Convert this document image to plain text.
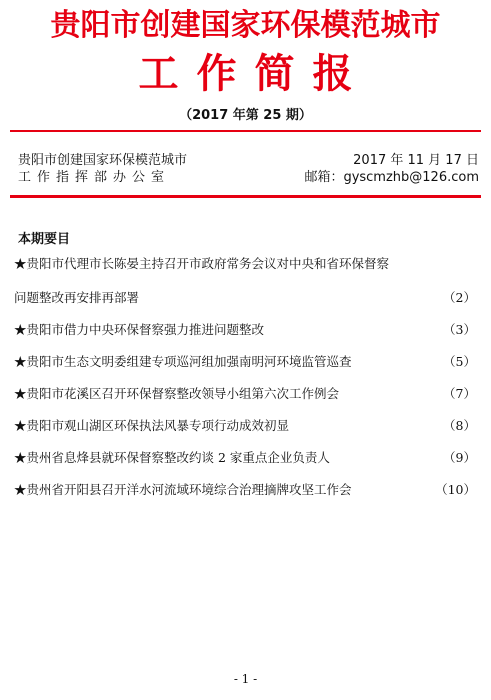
贵阳市创建国家环保模范城市
工作简报
（2017 年第 25 期）
贵阳市创建国家环保模范城市
工作指挥部办公室
2017 年 11 月 17 日
邮箱：gyscmzhb@126.com
本期要目
★贵阳市代理市长陈晏主持召开市政府常务会议对中央和省环保督察
问题整改再安排再部署	（2）
★贵阳市借力中央环保督察强力推进问题整改	（3）
★贵阳市生态文明委组建专项巡河组加强南明河环境监管巡查	（5）
★贵阳市花溪区召开环保督察整改领导小组第六次工作例会	（7）
★贵阳市观山湖区环保执法风暴专项行动成效初显	（8）
★贵州省息烽县就环保督察整改约谈 2 家重点企业负责人	（9）
★贵州省开阳县召开洋水河流域环境综合治理摘牌攻坚工作会	（10）
- 1 -
